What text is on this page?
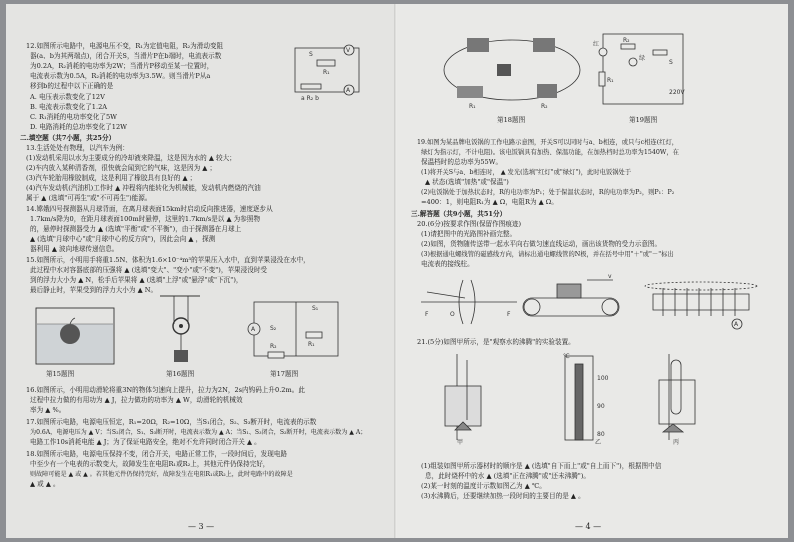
12.如图所示电路中，电源电压不变，R₁为定值电阻，R₂为滑动变阻
器(a、b为其两端点)，闭合开关S，当滑片P在b端时，电流表示数
为0.2A，R₂消耗的电功率为2W；当滑片P移动至某一位置时，
电流表示数为0.5A，R₂消耗的电功率为3.5W。则当滑片P从a
移到b的过程中以下正确的是
A. 电压表示数变化了12V
B. 电流表示数变化了1.2A
C. R₁消耗的电功率变化了5W
D. 电路消耗的总功率变化了12W
V
A
S
R₁
a R₂ b
二.填空题（共7小题，共25分）
13.生活处处有物理，以汽车为例：
(1)发动机采用以水为主要成分的冷却液来降温，这是因为水的 ▲ 较大；
(2)车内放入某种清香剂，很快就会闻到它的气味，这是因为 ▲ ；
(3)汽车轮胎用橡胶制成，这是利用了橡胶具有良好的 ▲ ；
(4)汽车发动机(汽油机)工作时 ▲ 冲程将内能转化为机械能，发动机内燃烧的汽油
属于 ▲ (选填"可再生"或"不可再生")能源。
14.嫦娥四号探测器从月球背面，在离月球表面15km时启动反向推进器，速度逐步从
1.7km/s降为0，在距月球表面100m时悬停，这里的1.7km/s是以 ▲ 为参照物
的，悬停时探测器受力 ▲ (选填"平衡"或"不平衡")，由于探测器在月球上
▲ (选填"月球中心"或"月球中心的反方向")，因此会向 ▲ ，探测
器利用 ▲ 波向地球传递信息。
15.如图所示，小明用手将重1.5N、体积为1.6×10⁻⁴m³的苹果压入水中，直到苹果浸没在水中，
此过程中水对容器底部的压强将 ▲ (选填"变大"、"变小"或"不变")，苹果浸没时受
到的浮力大小为 ▲ N，松手后苹果将 ▲ (选填"上浮"或"悬浮"或"下沉")，
最后静止时，苹果受到的浮力大小为 ▲ N。
A
S₁
S₂
R₁
R₂
第15题图	第16题图	第17题图
16.如图所示，小明用动滑轮将重3N的物体匀速向上提升，拉力为2N，2s内钩码上升0.2m。此
过程中拉力做的有用功为 ▲ J，拉力做功的功率为 ▲ W，动滑轮的机械效
率为 ▲ %。
17.如图所示电路，电源电压恒定，R₁=20Ω，R₂=10Ω，当S₁闭合，S₂、S₃断开时，电流表的示数
为0.6A，电源电压为 ▲ V；当S₂闭合，S₁、S₃断开时，电流表示数为 ▲ A；当S₁、S₃闭合，S₂断开时，电流表示数为 ▲ A；
电路工作10s消耗电能 ▲ J；为了保证电路安全，绝对不允许同时闭合开关 ▲ 。
18.如图所示电路，电源电压保持不变，闭合开关，电路正常工作，一段时间后，发现电路
中至少有一个电表的示数变大，故障发生在电阻R₁或R₂上，其他元件仍保持完好，
则故障可能是 ▲ 或 ▲ 。若其他元件仍保持完好，故障发生在电阻R₁或R₂上，此时电路中的故障是
▲ 或 ▲ 。
— 3 —
R₁	R₂
红
绿
R₂
R₁
S
220V
第18题图	第19题图
19.如图为某品牌电饭锅的工作电路示意图，开关S可以同时与a、b相连，或只与c相连(红灯，
绿灯为指示灯，不计电阻)。该电饭锅具有加热、保温功能，在加热档时总功率为1540W，在
保温档时的总功率为55W。
(1)将开关S与a、b相连时， ▲ 发光(选填"红灯"或"绿灯")，此时电饭锅处于
▲ 状态(选填"加热"或"保温")
(2)电饭锅处于加热状态时，R的电功率为P₁；处于保温状态时，R的电功率为P₂，则P₁：P₂
=400：1，则电阻R₁为 ▲ Ω，电阻R为 ▲ Ω。
三.解答题（共9小题，共51分）
20.(6分)按要求作图(保留作图痕迹)
(1)请把图中的光路图补画完整。
(2)如图，货物随传送带一起水平向右做匀速直线运动，画出该货物的受力示意图。
(3)根据通电螺线管的磁感线方向，请标出通电螺线管的N极，并在括号中用"＋"或"－"标出
电流表的接线柱。
F	F
O
v
A
21.(5分)如图甲所示，是"观察水的沸腾"的实验装置。
甲	乙	丙
℃
100
90
80
(1)组装如图甲所示器材时的顺序是 ▲ (选填"自下而上"或"自上而下")，根据图中信
息，此时烧杯中的水 ▲ (选填"正在沸腾"或"还未沸腾")。
(2)某一时刻的温度计示数如图乙为 ▲ ℃。
(3)水沸腾后，还要继续加热一段时间的主要目的是 ▲ 。
— 4 —
